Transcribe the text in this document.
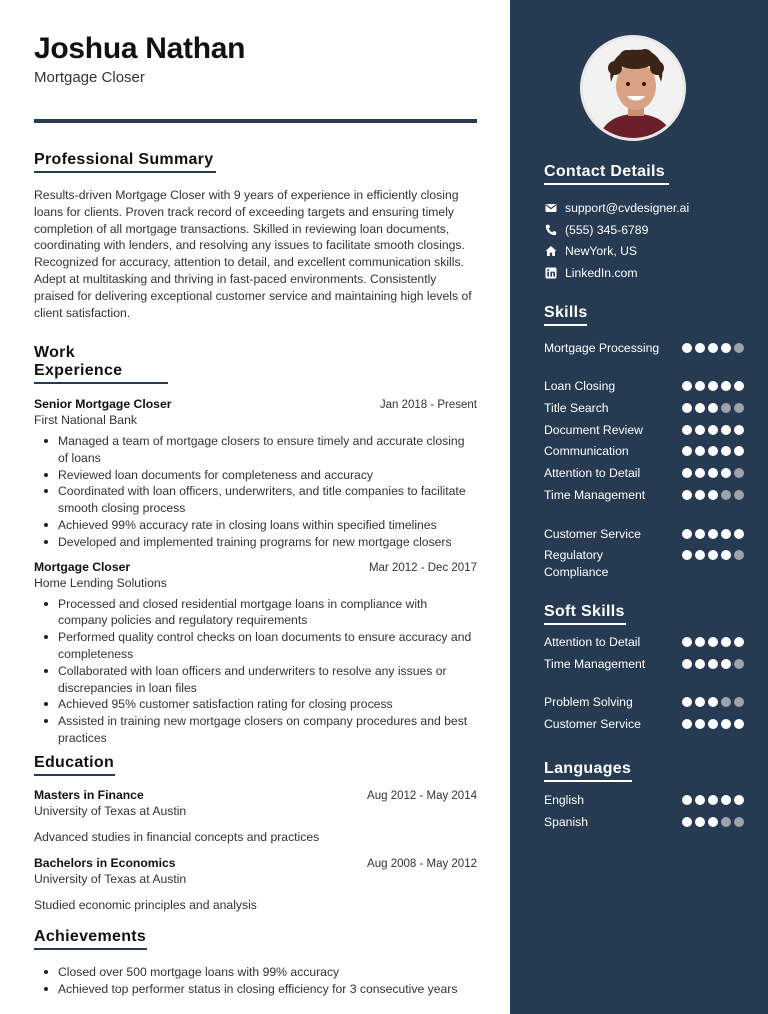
Joshua Nathan
Mortgage Closer
Professional Summary
Results-driven Mortgage Closer with 9 years of experience in efficiently closing loans for clients. Proven track record of exceeding targets and ensuring timely completion of all mortgage transactions. Skilled in reviewing loan documents, coordinating with lenders, and resolving any issues to facilitate smooth closings. Recognized for accuracy, attention to detail, and excellent communication skills. Adept at multitasking and thriving in fast-paced environments. Consistently praised for delivering exceptional customer service and maintaining high levels of client satisfaction.
Work Experience
Senior Mortgage Closer	Jan 2018 - Present
First National Bank
Managed a team of mortgage closers to ensure timely and accurate closing of loans
Reviewed loan documents for completeness and accuracy
Coordinated with loan officers, underwriters, and title companies to facilitate smooth closing process
Achieved 99% accuracy rate in closing loans within specified timelines
Developed and implemented training programs for new mortgage closers
Mortgage Closer	Mar 2012 - Dec 2017
Home Lending Solutions
Processed and closed residential mortgage loans in compliance with company policies and regulatory requirements
Performed quality control checks on loan documents to ensure accuracy and completeness
Collaborated with loan officers and underwriters to resolve any issues or discrepancies in loan files
Achieved 95% customer satisfaction rating for closing process
Assisted in training new mortgage closers on company procedures and best practices
Education
Masters in Finance	Aug 2012 - May 2014
University of Texas at Austin
Advanced studies in financial concepts and practices
Bachelors in Economics	Aug 2008 - May 2012
University of Texas at Austin
Studied economic principles and analysis
Achievements
Closed over 500 mortgage loans with 99% accuracy
Achieved top performer status in closing efficiency for 3 consecutive years
Contact Details
support@cvdesigner.ai
(555) 345-6789
NewYork, US
LinkedIn.com
Skills
Mortgage Processing
Loan Closing
Title Search
Document Review
Communication
Attention to Detail
Time Management
Customer Service
Regulatory Compliance
Soft Skills
Attention to Detail
Time Management
Problem Solving
Customer Service
Languages
English
Spanish
